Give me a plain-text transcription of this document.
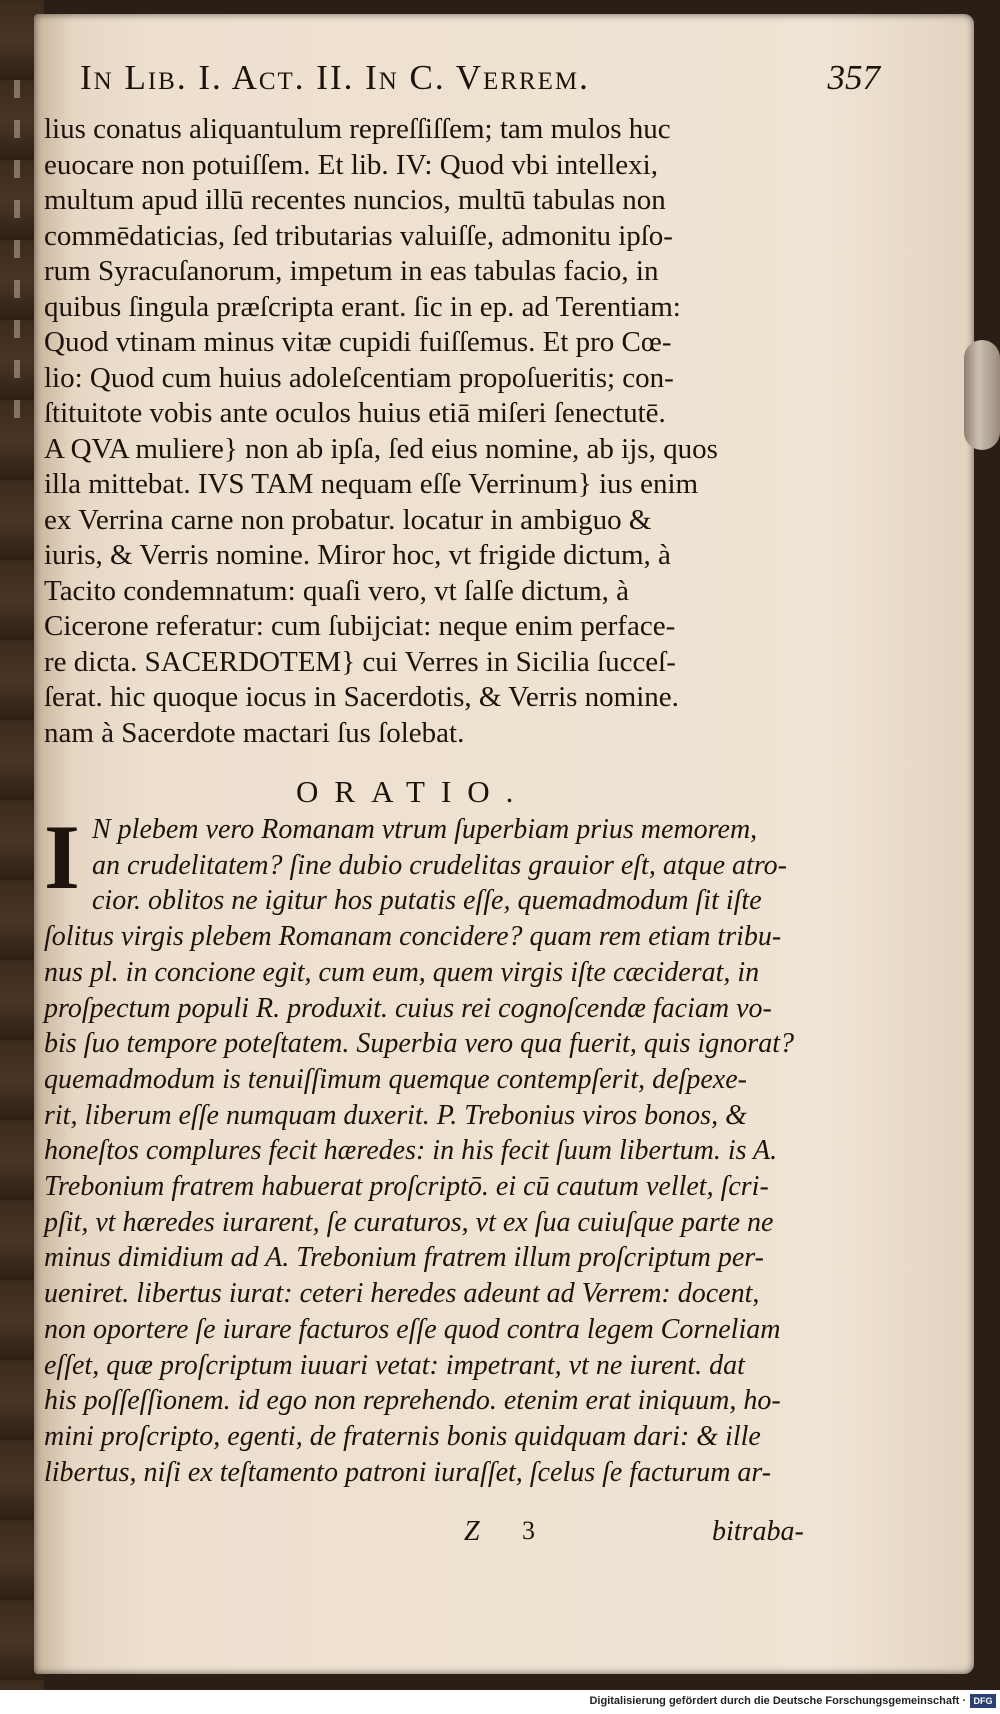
In Lib. I. Act. II. In C. Verrem.	357

lius conatus aliquantulum repreſſiſſem; tam mulos huc

euocare non potuiſſem. Et lib. IV: Quod vbi intellexi,

multum apud illū recentes nuncios, multū tabulas non

commēdaticias, ſed tributarias valuiſſe, admonitu ipſo-

rum Syracuſanorum, impetum in eas tabulas facio, in

quibus ſingula præſcripta erant. ſic in ep. ad Terentiam:

Quod vtinam minus vitæ cupidi fuiſſemus. Et pro Cœ-

lio: Quod cum huius adoleſcentiam propoſueritis; con-

ſtituitote vobis ante oculos huius etiā miſeri ſenectutē.

A QVA muliere} non ab ipſa, ſed eius nomine, ab ijs, quos

illa mittebat. IVS TAM nequam eſſe Verrinum} ius enim

ex Verrina carne non probatur. locatur in ambiguo &

iuris, & Verris nomine. Miror hoc, vt frigide dictum, à

Tacito condemnatum: quaſi vero, vt ſalſe dictum, à

Cicerone referatur: cum ſubijciat: neque enim perface-

re dicta. SACERDOTEM} cui Verres in Sicilia ſucceſ-

ſerat. hic quoque iocus in Sacerdotis, & Verris nomine.

nam à Sacerdote mactari ſus ſolebat.

ORATIO.
I N plebem vero Romanam vtrum ſuperbiam prius memorem,

an crudelitatem? ſine dubio crudelitas grauior eſt, atque atro-

cior. oblitos ne igitur hos putatis eſſe, quemadmodum ſit iſte

ſolitus virgis plebem Romanam concidere? quam rem etiam tribu-

nus pl. in concione egit, cum eum, quem virgis iſte cæciderat, in

proſpectum populi R. produxit. cuius rei cognoſcendæ faciam vo-

bis ſuo tempore poteſtatem. Superbia vero qua fuerit, quis ignorat?

quemadmodum is tenuiſſimum quemque contempſerit, deſpexe-

rit, liberum eſſe numquam duxerit. P. Trebonius viros bonos, &

honeſtos complures fecit hæredes: in his fecit ſuum libertum. is A.

Trebonium fratrem habuerat proſcriptō. ei cū cautum vellet, ſcri-

pſit, vt hæredes iurarent, ſe curaturos, vt ex ſua cuiuſque parte ne

minus dimidium ad A. Trebonium fratrem illum proſcriptum per-

ueniret. libertus iurat: ceteri heredes adeunt ad Verrem: docent,

non oportere ſe iurare facturos eſſe quod contra legem Corneliam

eſſet, quæ proſcriptum iuuari vetat: impetrant, vt ne iurent. dat

his poſſeſſionem. id ego non reprehendo. etenim erat iniquum, ho-

mini proſcripto, egenti, de fraternis bonis quidquam dari: & ille

libertus, niſi ex teſtamento patroni iuraſſet, ſcelus ſe facturum ar-

Z 3	bitraba-
Digitalisierung gefördert durch die Deutsche Forschungsgemeinschaft · DFG
